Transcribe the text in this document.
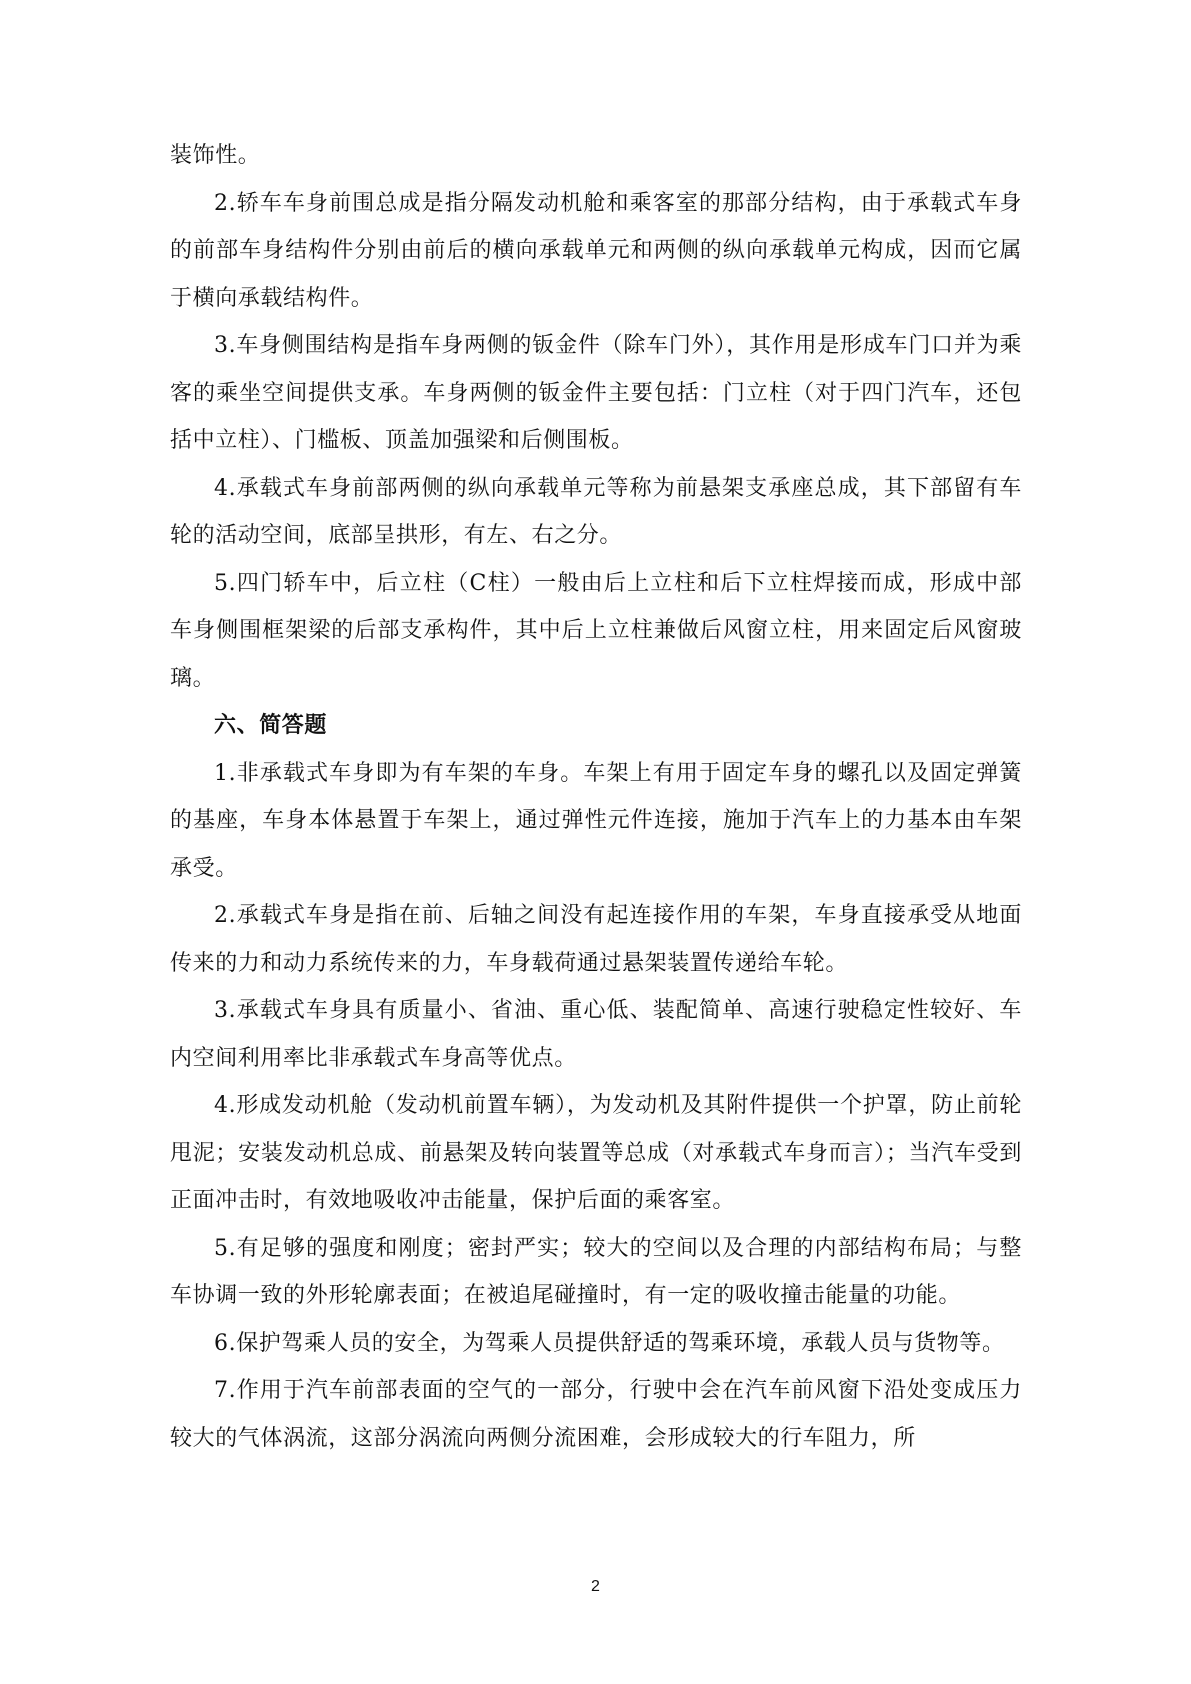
装饰性。

2.轿车车身前围总成是指分隔发动机舱和乘客室的那部分结构，由于承载式车身的前部车身结构件分别由前后的横向承载单元和两侧的纵向承载单元构成，因而它属于横向承载结构件。

3.车身侧围结构是指车身两侧的钣金件（除车门外），其作用是形成车门口并为乘客的乘坐空间提供支承。车身两侧的钣金件主要包括：门立柱（对于四门汽车，还包括中立柱）、门槛板、顶盖加强梁和后侧围板。

4.承载式车身前部两侧的纵向承载单元等称为前悬架支承座总成，其下部留有车轮的活动空间，底部呈拱形，有左、右之分。

5.四门轿车中，后立柱（C柱）一般由后上立柱和后下立柱焊接而成，形成中部车身侧围框架梁的后部支承构件，其中后上立柱兼做后风窗立柱，用来固定后风窗玻璃。

六、简答题

1.非承载式车身即为有车架的车身。车架上有用于固定车身的螺孔以及固定弹簧的基座，车身本体悬置于车架上，通过弹性元件连接，施加于汽车上的力基本由车架承受。

2.承载式车身是指在前、后轴之间没有起连接作用的车架，车身直接承受从地面传来的力和动力系统传来的力，车身载荷通过悬架装置传递给车轮。

3.承载式车身具有质量小、省油、重心低、装配简单、高速行驶稳定性较好、车内空间利用率比非承载式车身高等优点。

4.形成发动机舱（发动机前置车辆），为发动机及其附件提供一个护罩，防止前轮甩泥；安装发动机总成、前悬架及转向装置等总成（对承载式车身而言）；当汽车受到正面冲击时，有效地吸收冲击能量，保护后面的乘客室。

5.有足够的强度和刚度；密封严实；较大的空间以及合理的内部结构布局；与整车协调一致的外形轮廓表面；在被追尾碰撞时，有一定的吸收撞击能量的功能。

6.保护驾乘人员的安全，为驾乘人员提供舒适的驾乘环境，承载人员与货物等。

7.作用于汽车前部表面的空气的一部分，行驶中会在汽车前风窗下沿处变成压力较大的气体涡流，这部分涡流向两侧分流困难，会形成较大的行车阻力，所

2
